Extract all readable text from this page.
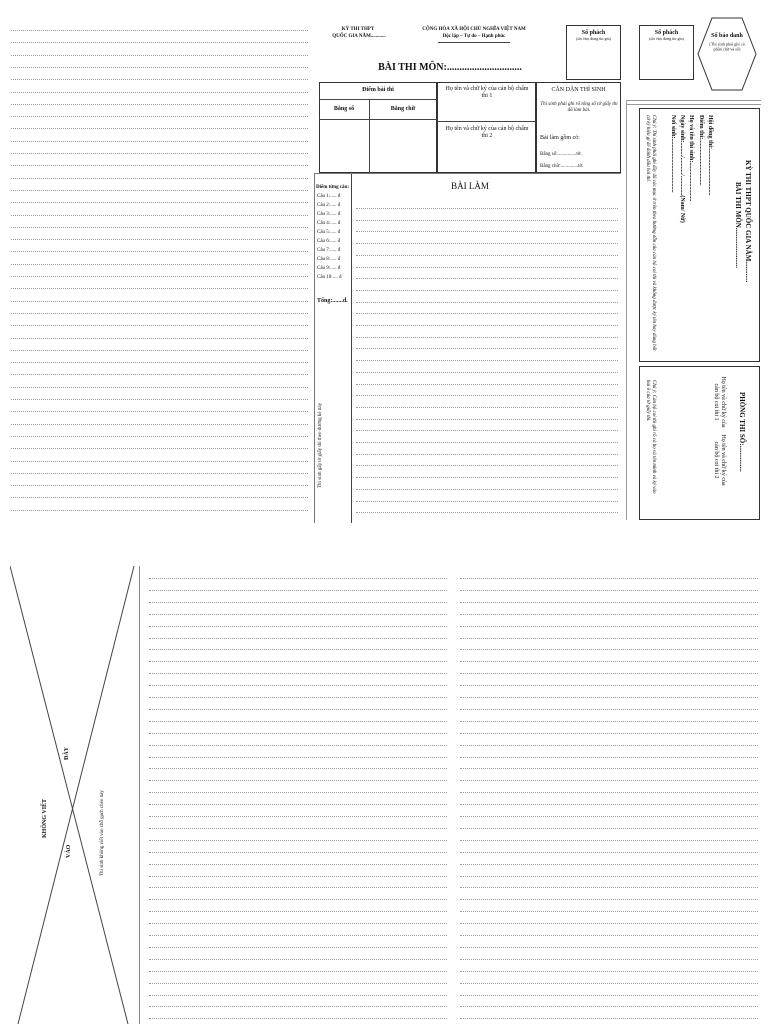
KỲ THI THPT
QUỐC GIA NĂM............
CỘNG HÒA XÃ HỘI CHỦ NGHĨA VIỆT NAM
Độc lập – Tự do – Hạnh phúc
BÀI THI MÔN:..............................
Số phách
(Do Hội đồng thi ghi)
Số phách
(Do Hội đồng thi ghi)
Số báo danh
(Thí sinh phải ghi cả phần chữ và số)
Điểm bài thi
Bằng số	Bằng chữ
Họ tên và chữ ký của cán bộ chấm thi 1
Họ tên và chữ ký của cán bộ chấm thi 2
CĂN DẶN THÍ SINH
Thí sinh phải ghi rõ tổng số tờ giấy thi đã làm bài.
Bài làm gồm có:
Bằng số:...............tờ.
Bằng chữ:..............tờ.
Điểm từng câu:
Câu 1:..... đ
Câu 2:..... đ
Câu 3:..... đ
Câu 4:..... đ
Câu 5:..... đ
Câu 6:..... đ
Câu 7:..... đ
Câu 8:..... đ
Câu 9:..... đ
Câu 10:.... đ
Tổng:.......đ.
BÀI LÀM
Thí sinh gấp tờ giấy thi theo đường kẻ này
KỲ THI THPT QUỐC GIA NĂM............
BÀI THI MÔN.......................
Hội đồng thi:...............................
Điểm thi:...............................
Họ và tên thí sinh:..........................
Ngày sinh:........./.........../.............(Nam/ Nữ)
Nơi sinh:....................................
Chú ý: Thí sinh phải ghi đầy đủ các mục ở trên theo hướng dẫn của cán bộ coi thi và không được ký tên hay dùng bất cứ ký hiệu gì để đánh dấu bài thi.
PHÒNG THI SỐ:...............
Họ tên và chữ ký của cán bộ coi thi 1
Họ tên và chữ ký của cán bộ coi thi 2
Chú ý: Cán bộ coi thi ghi rõ cả họ và tên mình và ký vào hai ô của tờ giấy thi.
KHÔNG VIẾT
VÀO
ĐÂY
Thí sinh không viết vào chỗ gạch chéo này
